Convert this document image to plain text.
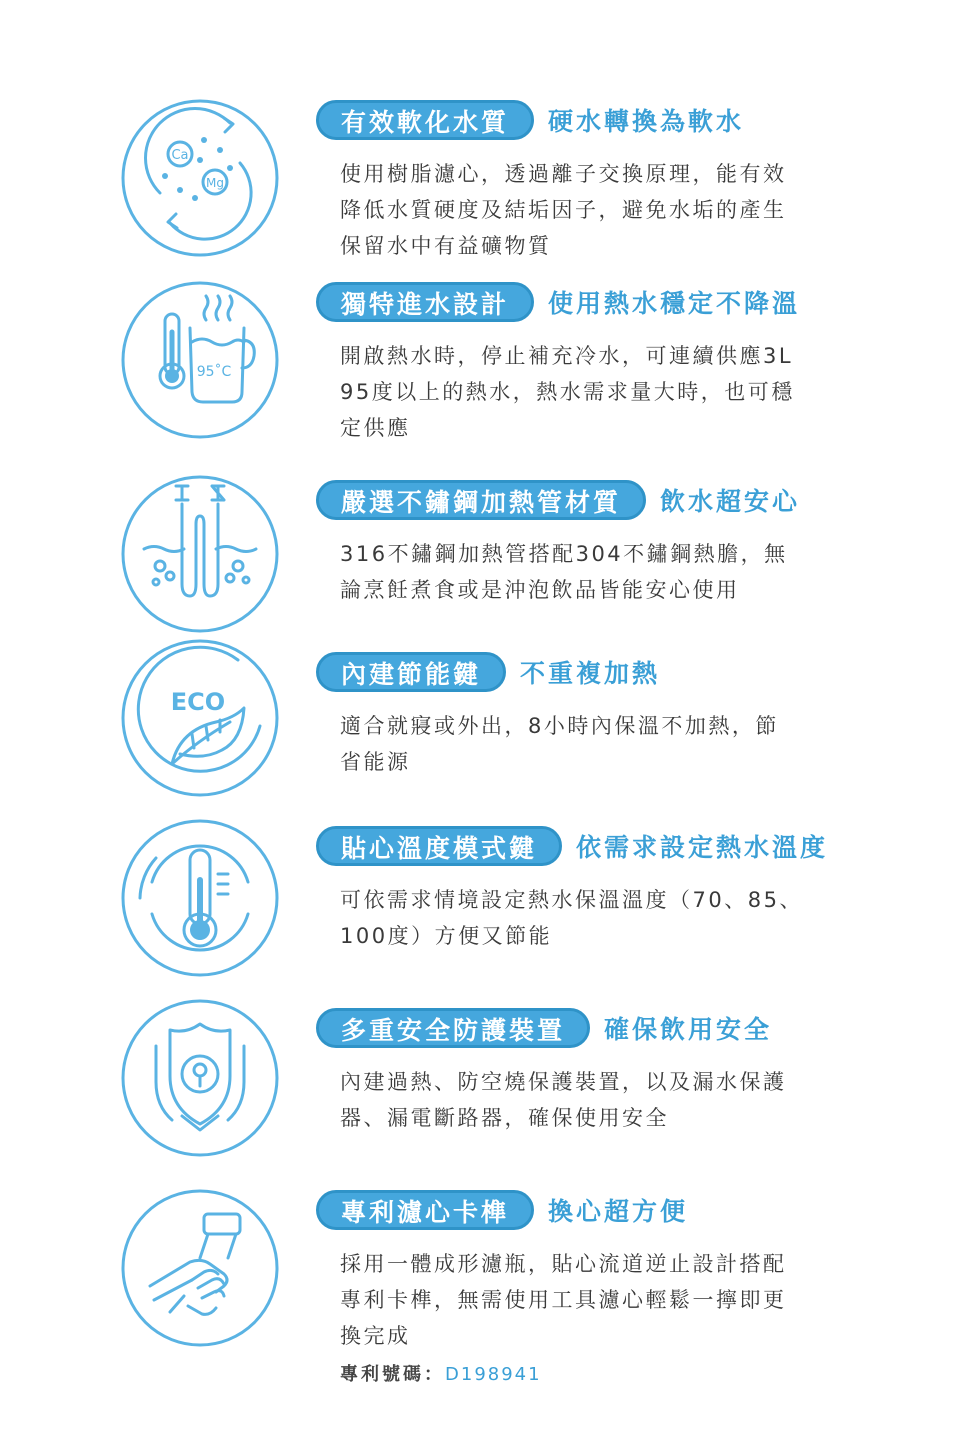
Ca
Mg
有效軟化水質	硬水轉換為軟水
使用樹脂濾心，透過離子交換原理，能有效
降低水質硬度及結垢因子，避免水垢的產生
保留水中有益礦物質
95˚C
獨特進水設計	使用熱水穩定不降溫
開啟熱水時，停止補充冷水，可連續供應3L
95度以上的熱水，熱水需求量大時，也可穩
定供應
嚴選不鏽鋼加熱管材質	飲水超安心
316不鏽鋼加熱管搭配304不鏽鋼熱膽，無
論烹飪煮食或是沖泡飲品皆能安心使用
ECO
內建節能鍵	不重複加熱
適合就寢或外出，8小時內保溫不加熱，節
省能源
貼心溫度模式鍵	依需求設定熱水溫度
可依需求情境設定熱水保溫溫度（70、85、
100度）方便又節能
多重安全防護裝置	確保飲用安全
內建過熱、防空燒保護裝置，以及漏水保護
器、漏電斷路器，確保使用安全
專利濾心卡榫	換心超方便
採用一體成形濾瓶，貼心流道逆止設計搭配
專利卡榫，無需使用工具濾心輕鬆一擰即更
換完成
專利號碼：D198941
